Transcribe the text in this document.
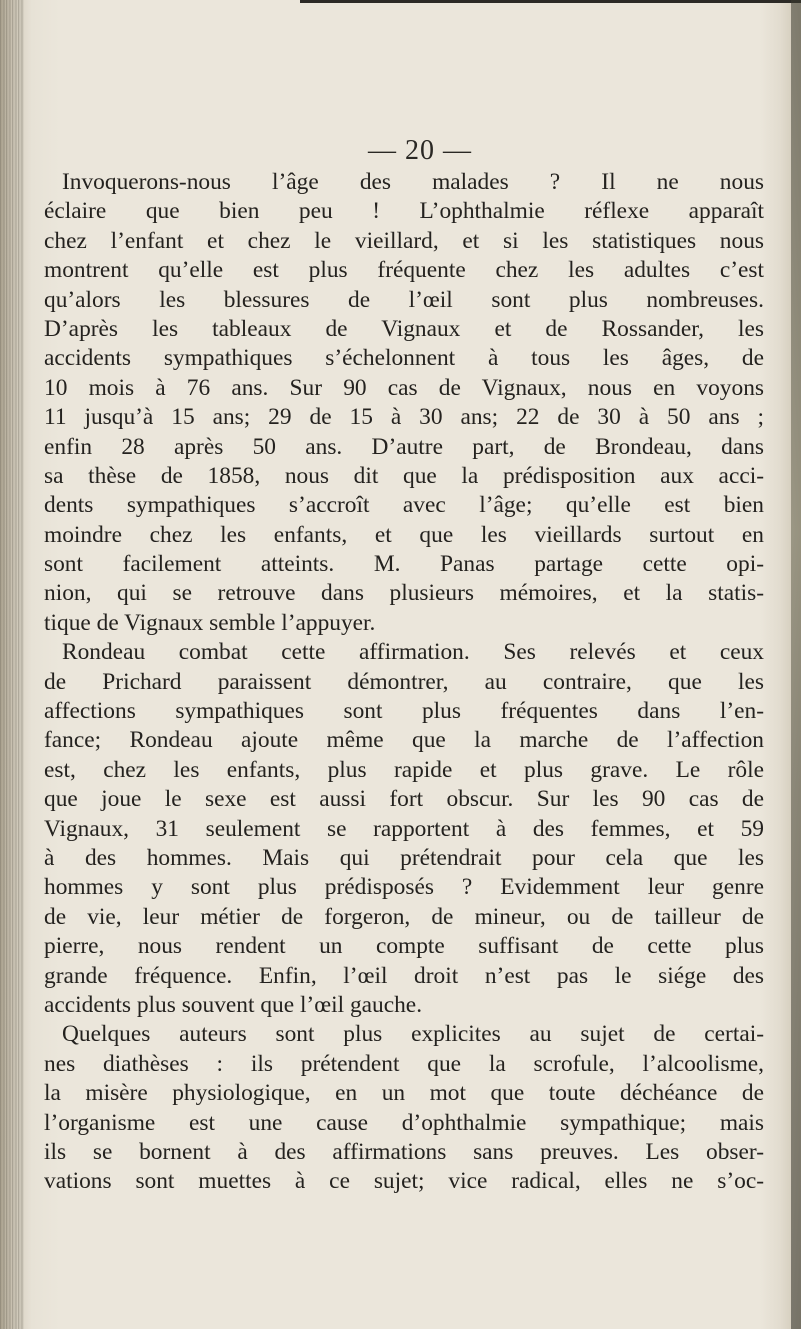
— 20 —
Invoquerons-nous l’âge des malades ? Il ne nous
éclaire que bien peu ! L’ophthalmie réflexe apparaît
chez l’enfant et chez le vieillard, et si les statistiques nous
montrent qu’elle est plus fréquente chez les adultes c’est
qu’alors les blessures de l’œil sont plus nombreuses.
D’après les tableaux de Vignaux et de Rossander, les
accidents sympathiques s’échelonnent à tous les âges, de
10 mois à 76 ans. Sur 90 cas de Vignaux, nous en voyons
11 jusqu’à 15 ans; 29 de 15 à 30 ans; 22 de 30 à 50 ans ;
enfin 28 après 50 ans. D’autre part, de Brondeau, dans
sa thèse de 1858, nous dit que la prédisposition aux acci-
dents sympathiques s’accroît avec l’âge; qu’elle est bien
moindre chez les enfants, et que les vieillards surtout en
sont facilement atteints. M. Panas partage cette opi-
nion, qui se retrouve dans plusieurs mémoires, et la statis-
tique de Vignaux semble l’appuyer.
Rondeau combat cette affirmation. Ses relevés et ceux
de Prichard paraissent démontrer, au contraire, que les
affections sympathiques sont plus fréquentes dans l’en-
fance; Rondeau ajoute même que la marche de l’affection
est, chez les enfants, plus rapide et plus grave. Le rôle
que joue le sexe est aussi fort obscur. Sur les 90 cas de
Vignaux, 31 seulement se rapportent à des femmes, et 59
à des hommes. Mais qui prétendrait pour cela que les
hommes y sont plus prédisposés ? Evidemment leur genre
de vie, leur métier de forgeron, de mineur, ou de tailleur de
pierre, nous rendent un compte suffisant de cette plus
grande fréquence. Enfin, l’œil droit n’est pas le siége des
accidents plus souvent que l’œil gauche.
Quelques auteurs sont plus explicites au sujet de certai-
nes diathèses : ils prétendent que la scrofule, l’alcoolisme,
la misère physiologique, en un mot que toute déchéance de
l’organisme est une cause d’ophthalmie sympathique; mais
ils se bornent à des affirmations sans preuves. Les obser-
vations sont muettes à ce sujet; vice radical, elles ne s’oc-
